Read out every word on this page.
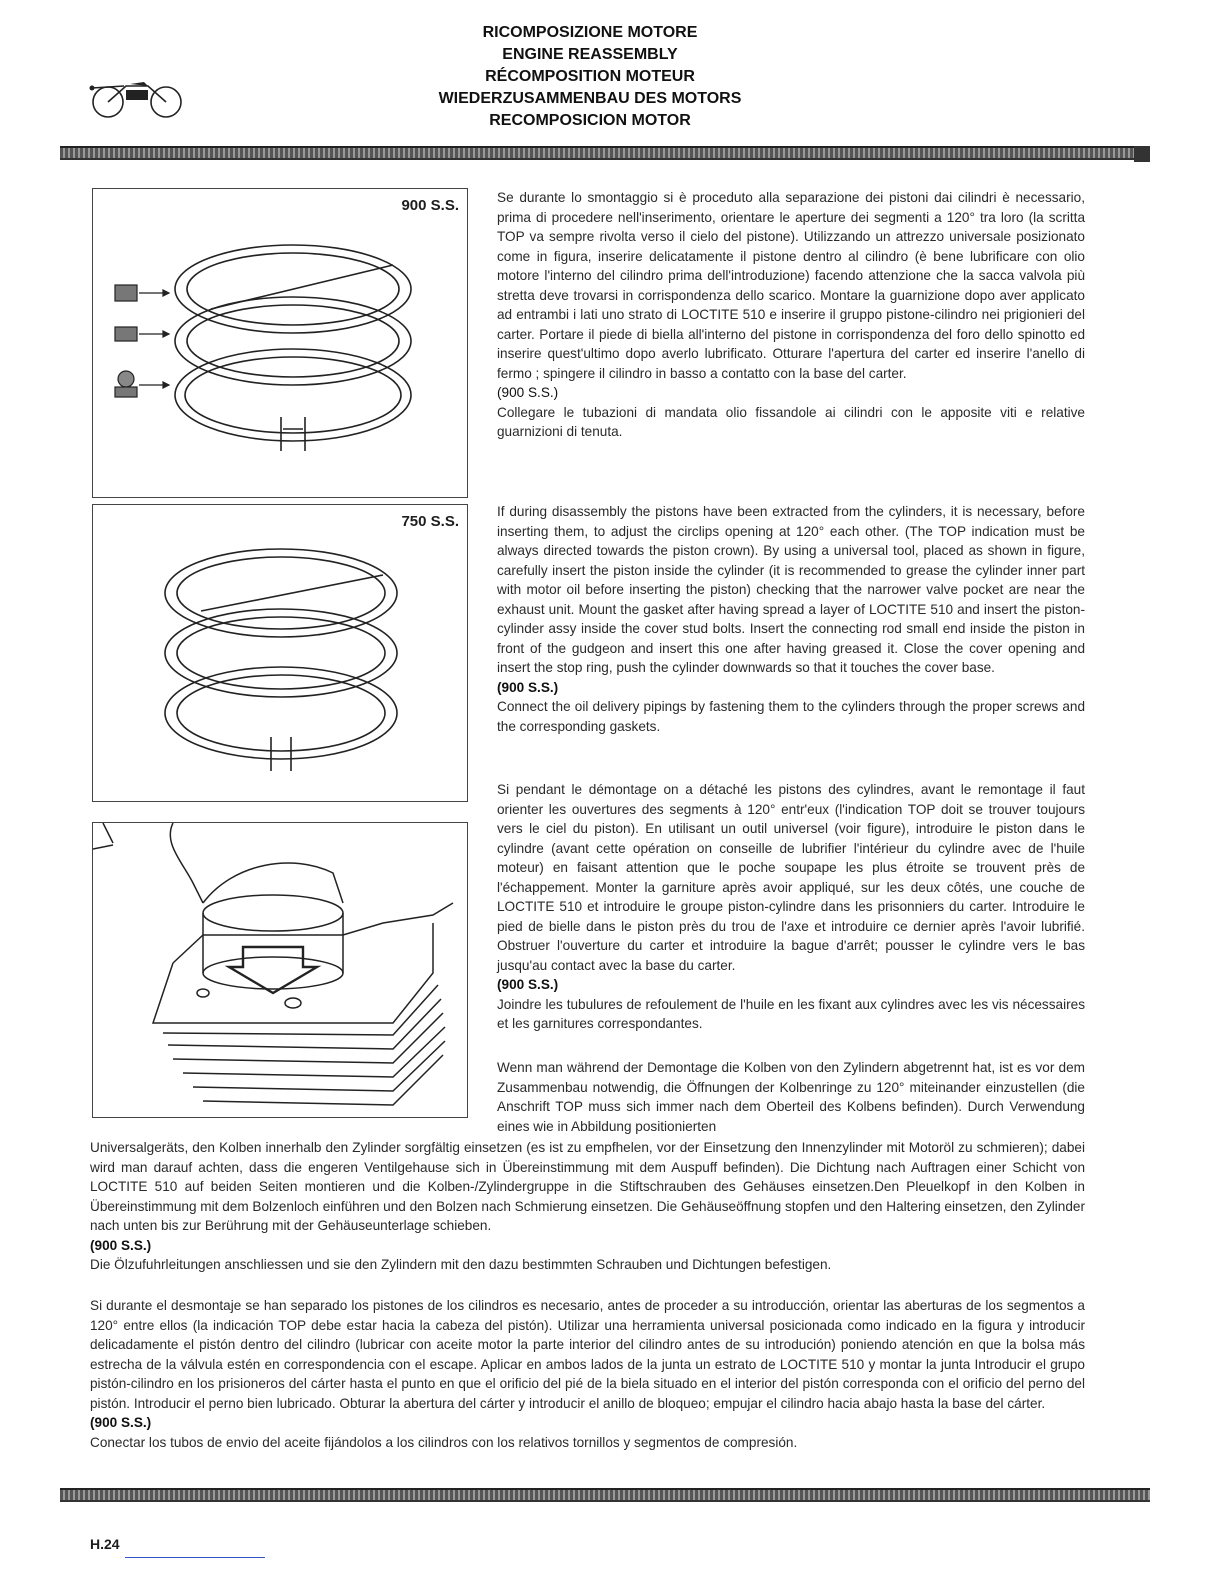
RICOMPOSIZIONE MOTORE
ENGINE REASSEMBLY
RÉCOMPOSITION MOTEUR
WIEDERZUSAMMENBAU DES MOTORS
RECOMPOSICION MOTOR
900 S.S.
750 S.S.

Se durante lo smontaggio si è proceduto alla separazione dei pistoni dai cilindri è necessario, prima di procedere nell'inserimento, orientare le aperture dei segmenti a 120° tra loro (la scritta TOP va sempre rivolta verso il cielo del pistone). Utilizzando un attrezzo universale posizionato come in figura, inserire delicatamente il pistone dentro al cilindro (è bene lubrificare con olio motore l'interno del cilindro prima dell'introduzione) facendo attenzione che la sacca valvola più stretta deve trovarsi in corrispondenza dello scarico. Montare la guarnizione dopo aver applicato ad entrambi i lati uno strato di LOCTITE 510 e inserire il gruppo pistone-cilindro nei prigionieri del carter. Portare il piede di biella all'interno del pistone in corrispondenza del foro dello spinotto ed inserire quest'ultimo dopo averlo lubrificato. Otturare l'apertura del carter ed inserire l'anello di fermo ; spingere il cilindro in basso a contatto con la base del carter.

(900 S.S.)

Collegare le tubazioni di mandata olio fissandole ai cilindri con le apposite viti e relative guarnizioni di tenuta.

If during disassembly the pistons have been extracted from the cylinders, it is necessary, before inserting them, to adjust the circlips opening at 120° each other. (The TOP indication must be always directed towards the piston crown). By using a universal tool, placed as shown in figure, carefully insert the piston inside the cylinder (it is recommended to grease the cylinder inner part with motor oil before inserting the piston) checking that the narrower valve pocket are near the exhaust unit. Mount the gasket after having spread a layer of LOCTITE 510 and insert the piston-cylinder assy inside the cover stud bolts. Insert the connecting rod small end inside the piston in front of the gudgeon and insert this one after having greased it. Close the cover opening and insert the stop ring, push the cylinder downwards so that it touches the cover base.

(900 S.S.)

Connect the oil delivery pipings by fastening them to the cylinders through the proper screws and the corresponding gaskets.

Si pendant le démontage on a détaché les pistons des cylindres, avant le remontage il faut orienter les ouvertures des segments à 120° entr'eux (l'indication TOP doit se trouver toujours vers le ciel du piston). En utilisant un outil universel (voir figure), introduire le piston dans le cylindre (avant cette opération on conseille de lubrifier l'intérieur du cylindre avec de l'huile moteur) en faisant attention que le poche soupape les plus étroite se trouvent près de l'échappement. Monter la garniture après avoir appliqué, sur les deux côtés, une couche de LOCTITE 510 et introduire le groupe piston-cylindre dans les prisonniers du carter. Introduire le pied de bielle dans le piston près du trou de l'axe et introduire ce dernier après l'avoir lubrifié. Obstruer l'ouverture du carter et introduire la bague d'arrêt; pousser le cylindre vers le bas jusqu'au contact avec la base du carter.

(900 S.S.)

Joindre les tubulures de refoulement de l'huile en les fixant aux cylindres avec les vis nécessaires et les garnitures correspondantes.

Wenn man während der Demontage die Kolben von den Zylindern abgetrennt hat, ist es vor dem Zusammenbau notwendig, die Öffnungen der Kolbenringe zu 120° miteinander einzustellen (die Anschrift TOP muss sich immer nach dem Oberteil des Kolbens befinden). Durch Verwendung eines wie in Abbildung positionierten

Universalgeräts, den Kolben innerhalb den Zylinder sorgfältig einsetzen (es ist zu empfhelen, vor der Einsetzung den Innenzylinder mit Motoröl zu schmieren); dabei wird man darauf achten, dass die engeren Ventilgehause sich in Übereinstimmung mit dem Auspuff befinden). Die Dichtung nach Auftragen einer Schicht von LOCTITE 510 auf beiden Seiten montieren und die Kolben-/Zylindergruppe in die Stiftschrauben des Gehäuses einsetzen.Den Pleuelkopf in den Kolben in Übereinstimmung mit dem Bolzenloch einführen und den Bolzen nach Schmierung einsetzen. Die Gehäuseöffnung stopfen und den Haltering einsetzen, den Zylinder nach unten bis zur Berührung mit der Gehäuseunterlage schieben.

(900 S.S.)

Die Ölzufuhrleitungen anschliessen und sie den Zylindern mit den dazu bestimmten Schrauben und Dichtungen befestigen.

Si durante el desmontaje se han separado los pistones de los cilindros es necesario, antes de proceder a su introducción, orientar las aberturas de los segmentos a 120° entre ellos (la indicación TOP debe estar hacia la cabeza del pistón). Utilizar una herramienta universal posicionada como indicado en la figura y introducir delicadamente el pistón dentro del cilindro (lubricar con aceite motor la parte interior del cilindro antes de su introdución) poniendo atención en que la bolsa más estrecha de la válvula estén en correspondencia con el escape. Aplicar en ambos lados de la junta un estrato de LOCTITE 510 y montar la junta Introducir el grupo pistón-cilindro en los prisioneros del cárter hasta el punto en que el orificio del pié de la biela situado en el interior del pistón corresponda con el orificio del perno del pistón. Introducir el perno bien lubricado. Obturar la abertura del cárter y introducir el anillo de bloqueo; empujar el cilindro hacia abajo hasta la base del cárter.

(900 S.S.)

Conectar los tubos de envio del aceite fijándolos a los cilindros con los relativos tornillos y segmentos de compresión.

H.24
